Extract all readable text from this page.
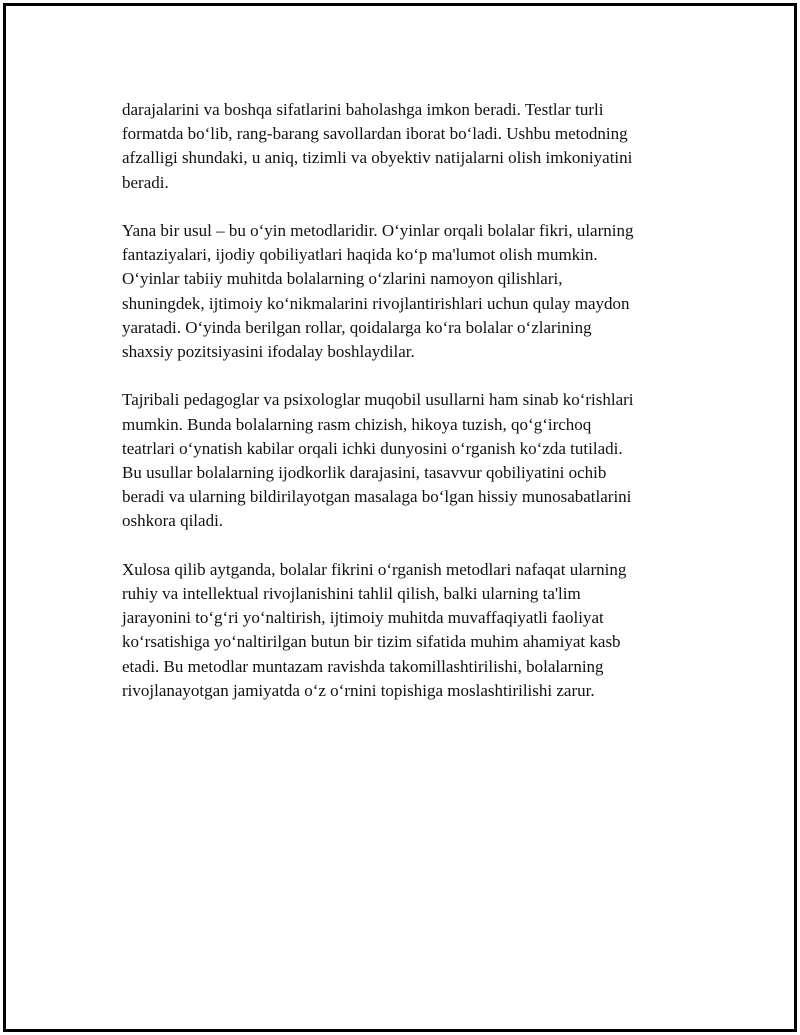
darajalarini va boshqa sifatlarini baholashga imkon beradi. Testlar turli
formatda bo‘lib, rang-barang savollardan iborat bo‘ladi. Ushbu metodning
afzalligi shundaki, u aniq, tizimli va obyektiv natijalarni olish imkoniyatini
beradi.

Yana bir usul – bu o‘yin metodlaridir. O‘yinlar orqali bolalar fikri, ularning
fantaziyalari, ijodiy qobiliyatlari haqida ko‘p ma'lumot olish mumkin.
O‘yinlar tabiiy muhitda bolalarning o‘zlarini namoyon qilishlari,
shuningdek, ijtimoiy ko‘nikmalarini rivojlantirishlari uchun qulay maydon
yaratadi. O‘yinda berilgan rollar, qoidalarga ko‘ra bolalar o‘zlarining
shaxsiy pozitsiyasini ifodalay boshlaydilar.

Tajribali pedagoglar va psixologlar muqobil usullarni ham sinab ko‘rishlari
mumkin. Bunda bolalarning rasm chizish, hikoya tuzish, qo‘g‘irchoq
teatrlari o‘ynatish kabilar orqali ichki dunyosini o‘rganish ko‘zda tutiladi.
Bu usullar bolalarning ijodkorlik darajasini, tasavvur qobiliyatini ochib
beradi va ularning bildirilayotgan masalaga bo‘lgan hissiy munosabatlarini
oshkora qiladi.

Xulosa qilib aytganda, bolalar fikrini o‘rganish metodlari nafaqat ularning
ruhiy va intellektual rivojlanishini tahlil qilish, balki ularning ta'lim
jarayonini to‘g‘ri yo‘naltirish, ijtimoiy muhitda muvaffaqiyatli faoliyat
ko‘rsatishiga yo‘naltirilgan butun bir tizim sifatida muhim ahamiyat kasb
etadi. Bu metodlar muntazam ravishda takomillashtirilishi, bolalarning
rivojlanayotgan jamiyatda o‘z o‘rnini topishiga moslashtirilishi zarur.
